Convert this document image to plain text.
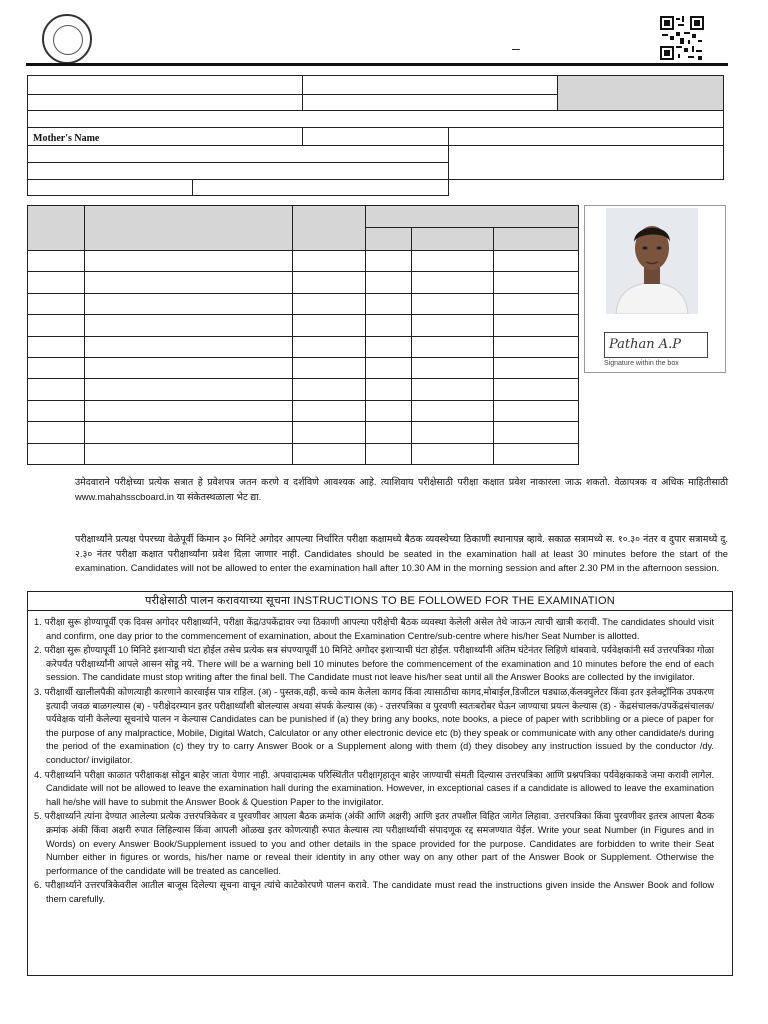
–
Mother's Name

Pathan A.P
Signature within the box
उमेदवाराने परीक्षेच्या प्रत्येक सत्रात हे प्रवेशपत्र जतन करणे व दर्शविणे आवश्यक आहे. त्याशिवाय परीक्षेसाठी परीक्षा कक्षात प्रवेश नाकारला जाऊ शकतो. वेळापत्रक व अधिक माहितीसाठी www.mahahsscboard.in या संकेतस्थळाला भेट द्या.
परीक्षार्थ्यांने प्रत्यक्ष पेपरच्या वेळेपूर्वी किमान ३० मिनिटे अगोदर आपल्या निर्धारित परीक्षा कक्षामध्ये बैठक व्यवस्थेच्या ठिकाणी स्थानापन्न व्हावे. सकाळ सत्रामध्ये स. १०.३० नंतर व दुपार सत्रामध्ये दु. २.३० नंतर परीक्षा कक्षात परीक्षार्थ्यांना प्रवेश दिला जाणार नाही. Candidates should be seated in the examination hall at least 30 minutes before the start of the examination. Candidates will not be allowed to enter the examination hall after 10.30 AM in the morning session and after 2.30 PM in the afternoon session.
परीक्षेसाठी पालन करावयाच्या सूचना INSTRUCTIONS TO BE FOLLOWED FOR THE EXAMINATION
1. परीक्षा सुरू होण्यापूर्वी एक दिवस अगोदर परीक्षार्थ्याने, परीक्षा केंद्र/उपकेंद्रावर ज्या ठिकाणी आपल्या परीक्षेची बैठक व्यवस्था केलेली असेल तेथे जाऊन त्याची खात्री करावी. The candidates should visit and confirm, one day prior to the commencement of examination, about the Examination Centre/sub-centre where his/her Seat Number is allotted.
2. परीक्षा सुरू होण्यापूर्वी 10 मिनिटे इशाऱ्याची घंटा होईल तसेच प्रत्येक सत्र संपण्यापूर्वी 10 मिनिटे अगोदर इशाऱ्याची घंटा होईल. परीक्षार्थ्यांनी अंतिम घंटेनंतर लिहिणे थांबवावे. पर्यवेक्षकांनी सर्व उत्तरपत्रिका गोळा करेपर्यंत परीक्षार्थ्यांनी आपले आसन सोडू नये. There will be a warning bell 10 minutes before the commencement of the examination and 10 minutes before the end of each session. The candidate must stop writing after the final bell. The Candidate must not leave his/her seat until all the Answer Books are collected by the invigilator.
3. परीक्षार्थी खालीलपैकी कोणत्याही कारणाने कारवाईस पात्र राहिल. (अ) - पुस्तक,वही, कच्चे काम केलेला कागद किंवा त्यासाठीचा कागद,मोबाईल,डिजीटल घड्याळ,कॅलक्युलेटर किंवा इतर इलेक्ट्रॉनिक उपकरण इत्यादी जवळ बाळगल्यास (ब) - परीक्षेदरम्यान इतर परीक्षार्थ्यांशी बोलल्यास अथवा संपर्क केल्यास (क) - उत्तरपत्रिका व पुरवणी स्वतःबरोबर घेऊन जाण्याचा प्रयत्न केल्यास (ड) - केंद्रसंचालक/उपकेंद्रसंचालक/ पर्यवेक्षक यांनी केलेल्या सूचनांचे पालन न केल्यास Candidates can be punished if (a) they bring any books, note books, a piece of paper with scribbling or a piece of paper for the purpose of any malpractice, Mobile, Digital Watch, Calculator or any other electronic device etc (b) they speak or communicate with any other candidate/s during the period of the examination (c) they try to carry Answer Book or a Supplement along with them (d) they disobey any instruction issued by the conductor /dy. conductor/ invigilator.
4. परीक्षार्थ्याने परीक्षा काळात परीक्षाकक्ष सोडून बाहेर जाता येणार नाही. अपवादात्मक परिस्थितीत परीक्षागृहातून बाहेर जाण्याची संमती दिल्यास उत्तरपत्रिका आणि प्रश्नपत्रिका पर्यवेक्षकाकडे जमा करावी लागेल. Candidate will not be allowed to leave the examination hall during the examination. However, in exceptional cases if a candidate is allowed to leave the examination hall he/she will have to submit the Answer Book & Question Paper to the invigilator.
5. परीक्षार्थ्याने त्यांना देण्यात आलेल्या प्रत्येक उत्तरपत्रिकेवर व पुरवणीवर आपला बैठक क्रमांक (अंकी आणि अक्षरी) आणि इतर तपशील विहित जागेत लिहावा. उत्तरपत्रिका किंवा पुरवणीवर इतरत्र आपला बैठक क्रमांक अंकी किंवा अक्षरी रुपात लिहिल्यास किंवा आपली ओळख इतर कोणत्याही रुपात केल्यास त्या परीक्षार्थ्याची संपादणूक रद्द समजण्यात येईल. Write your seat Number (in Figures and in Words) on every Answer Book/Supplement issued to you and other details in the space provided for the purpose. Candidates are forbidden to write their Seat Number either in figures or words, his/her name or reveal their identity in any other way on any other part of the Answer Book or Supplement. Otherwise the performance of the candidate will be treated as cancelled.
6. परीक्षार्थ्याने उत्तरपत्रिकेवरील आतील बाजूस दिलेल्या सूचना वाचून त्यांचे काटेकोरपणे पालन करावे. The candidate must read the instructions given inside the Answer Book and follow them carefully.
